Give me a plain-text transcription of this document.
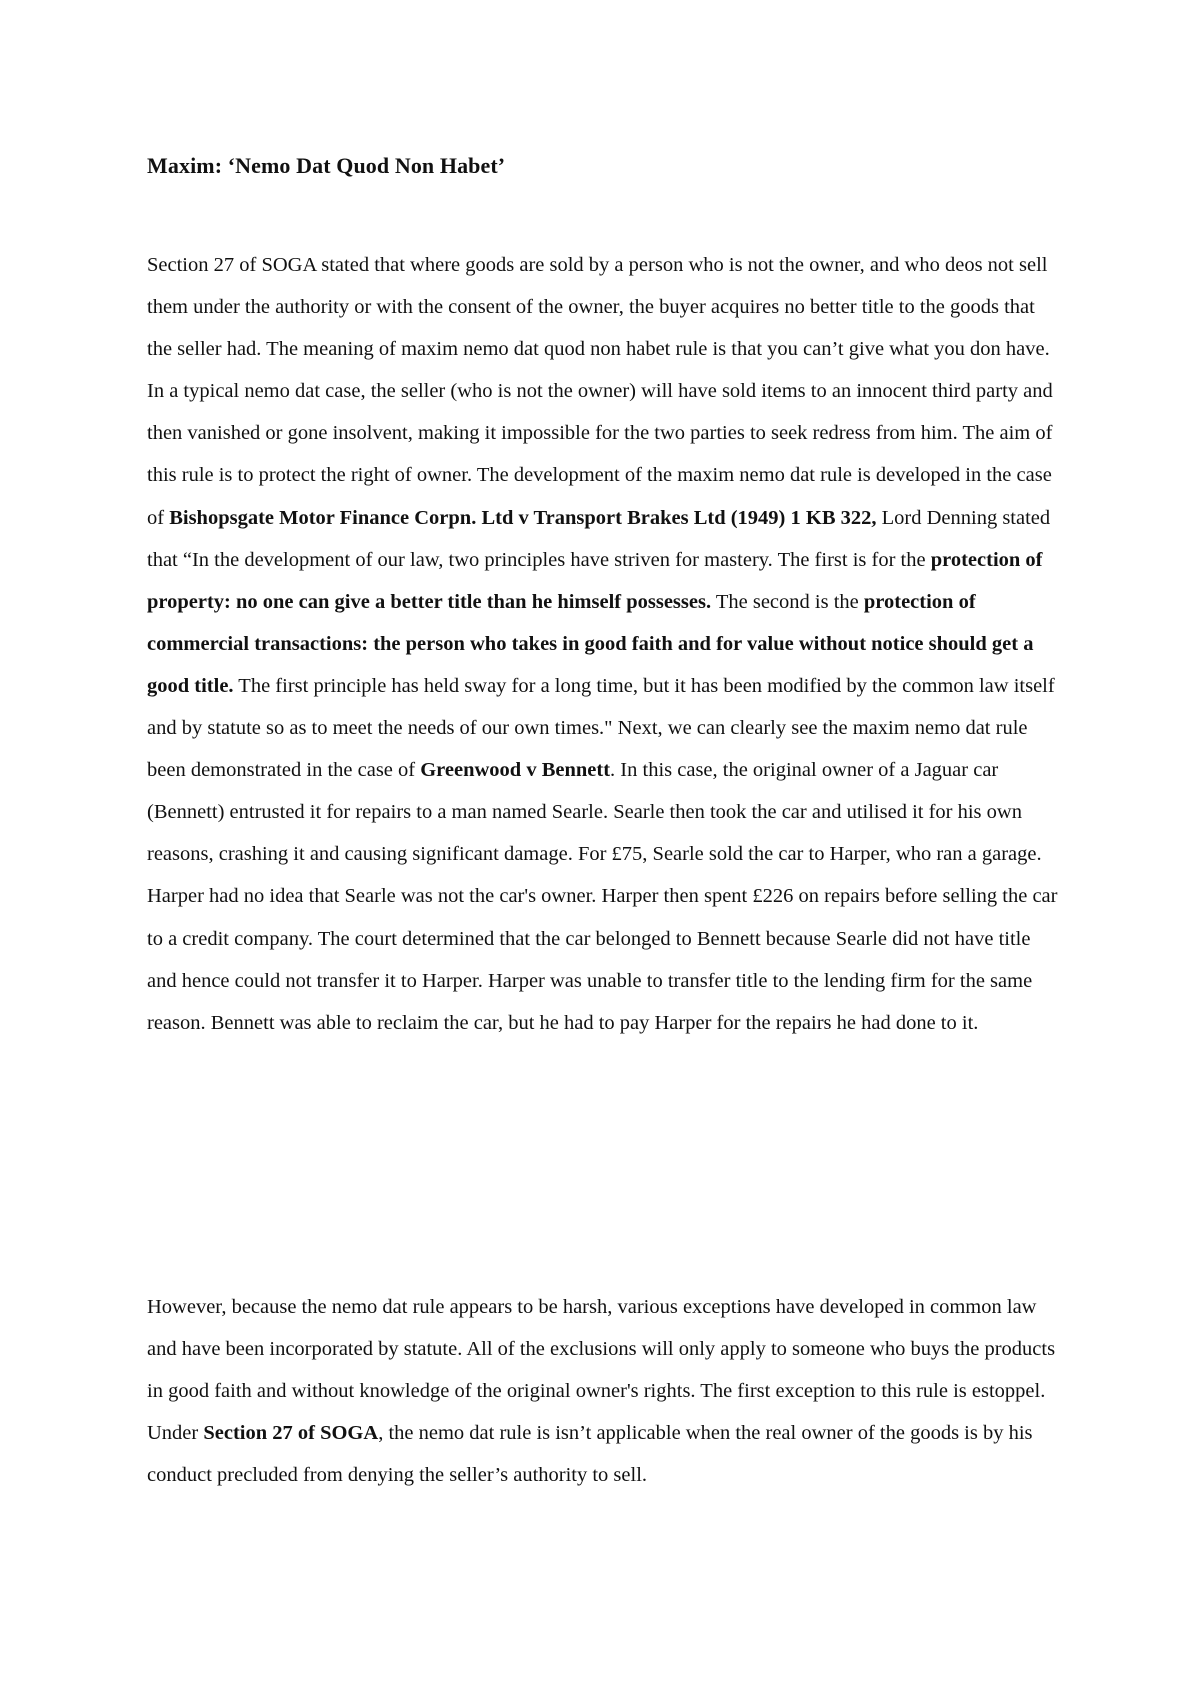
Maxim: ‘Nemo Dat Quod Non Habet’

Section 27 of SOGA stated that where goods are sold by a person who is not the owner, and who deos not sell them under the authority or with the consent of the owner, the buyer acquires no better title to the goods that the seller had. The meaning of maxim nemo dat quod non habet rule is that you can’t give what you don have. In a typical nemo dat case, the seller (who is not the owner) will have sold items to an innocent third party and then vanished or gone insolvent, making it impossible for the two parties to seek redress from him. The aim of this rule is to protect the right of owner. The development of the maxim nemo dat rule is developed in the case of Bishopsgate Motor Finance Corpn. Ltd v Transport Brakes Ltd (1949) 1 KB 322, Lord Denning stated that “In the development of our law, two principles have striven for mastery. The first is for the protection of property: no one can give a better title than he himself possesses. The second is the protection of commercial transactions: the person who takes in good faith and for value without notice should get a good title. The first principle has held sway for a long time, but it has been modified by the common law itself and by statute so as to meet the needs of our own times." Next, we can clearly see the maxim nemo dat rule been demonstrated in the case of Greenwood v Bennett. In this case, the original owner of a Jaguar car (Bennett) entrusted it for repairs to a man named Searle. Searle then took the car and utilised it for his own reasons, crashing it and causing significant damage. For £75, Searle sold the car to Harper, who ran a garage. Harper had no idea that Searle was not the car's owner. Harper then spent £226 on repairs before selling the car to a credit company. The court determined that the car belonged to Bennett because Searle did not have title and hence could not transfer it to Harper. Harper was unable to transfer title to the lending firm for the same reason. Bennett was able to reclaim the car, but he had to pay Harper for the repairs he had done to it.

However, because the nemo dat rule appears to be harsh, various exceptions have developed in common law and have been incorporated by statute. All of the exclusions will only apply to someone who buys the products in good faith and without knowledge of the original owner's rights. The first exception to this rule is estoppel. Under Section 27 of SOGA, the nemo dat rule is isn’t applicable when the real owner of the goods is by his conduct precluded from denying the seller’s authority to sell.
